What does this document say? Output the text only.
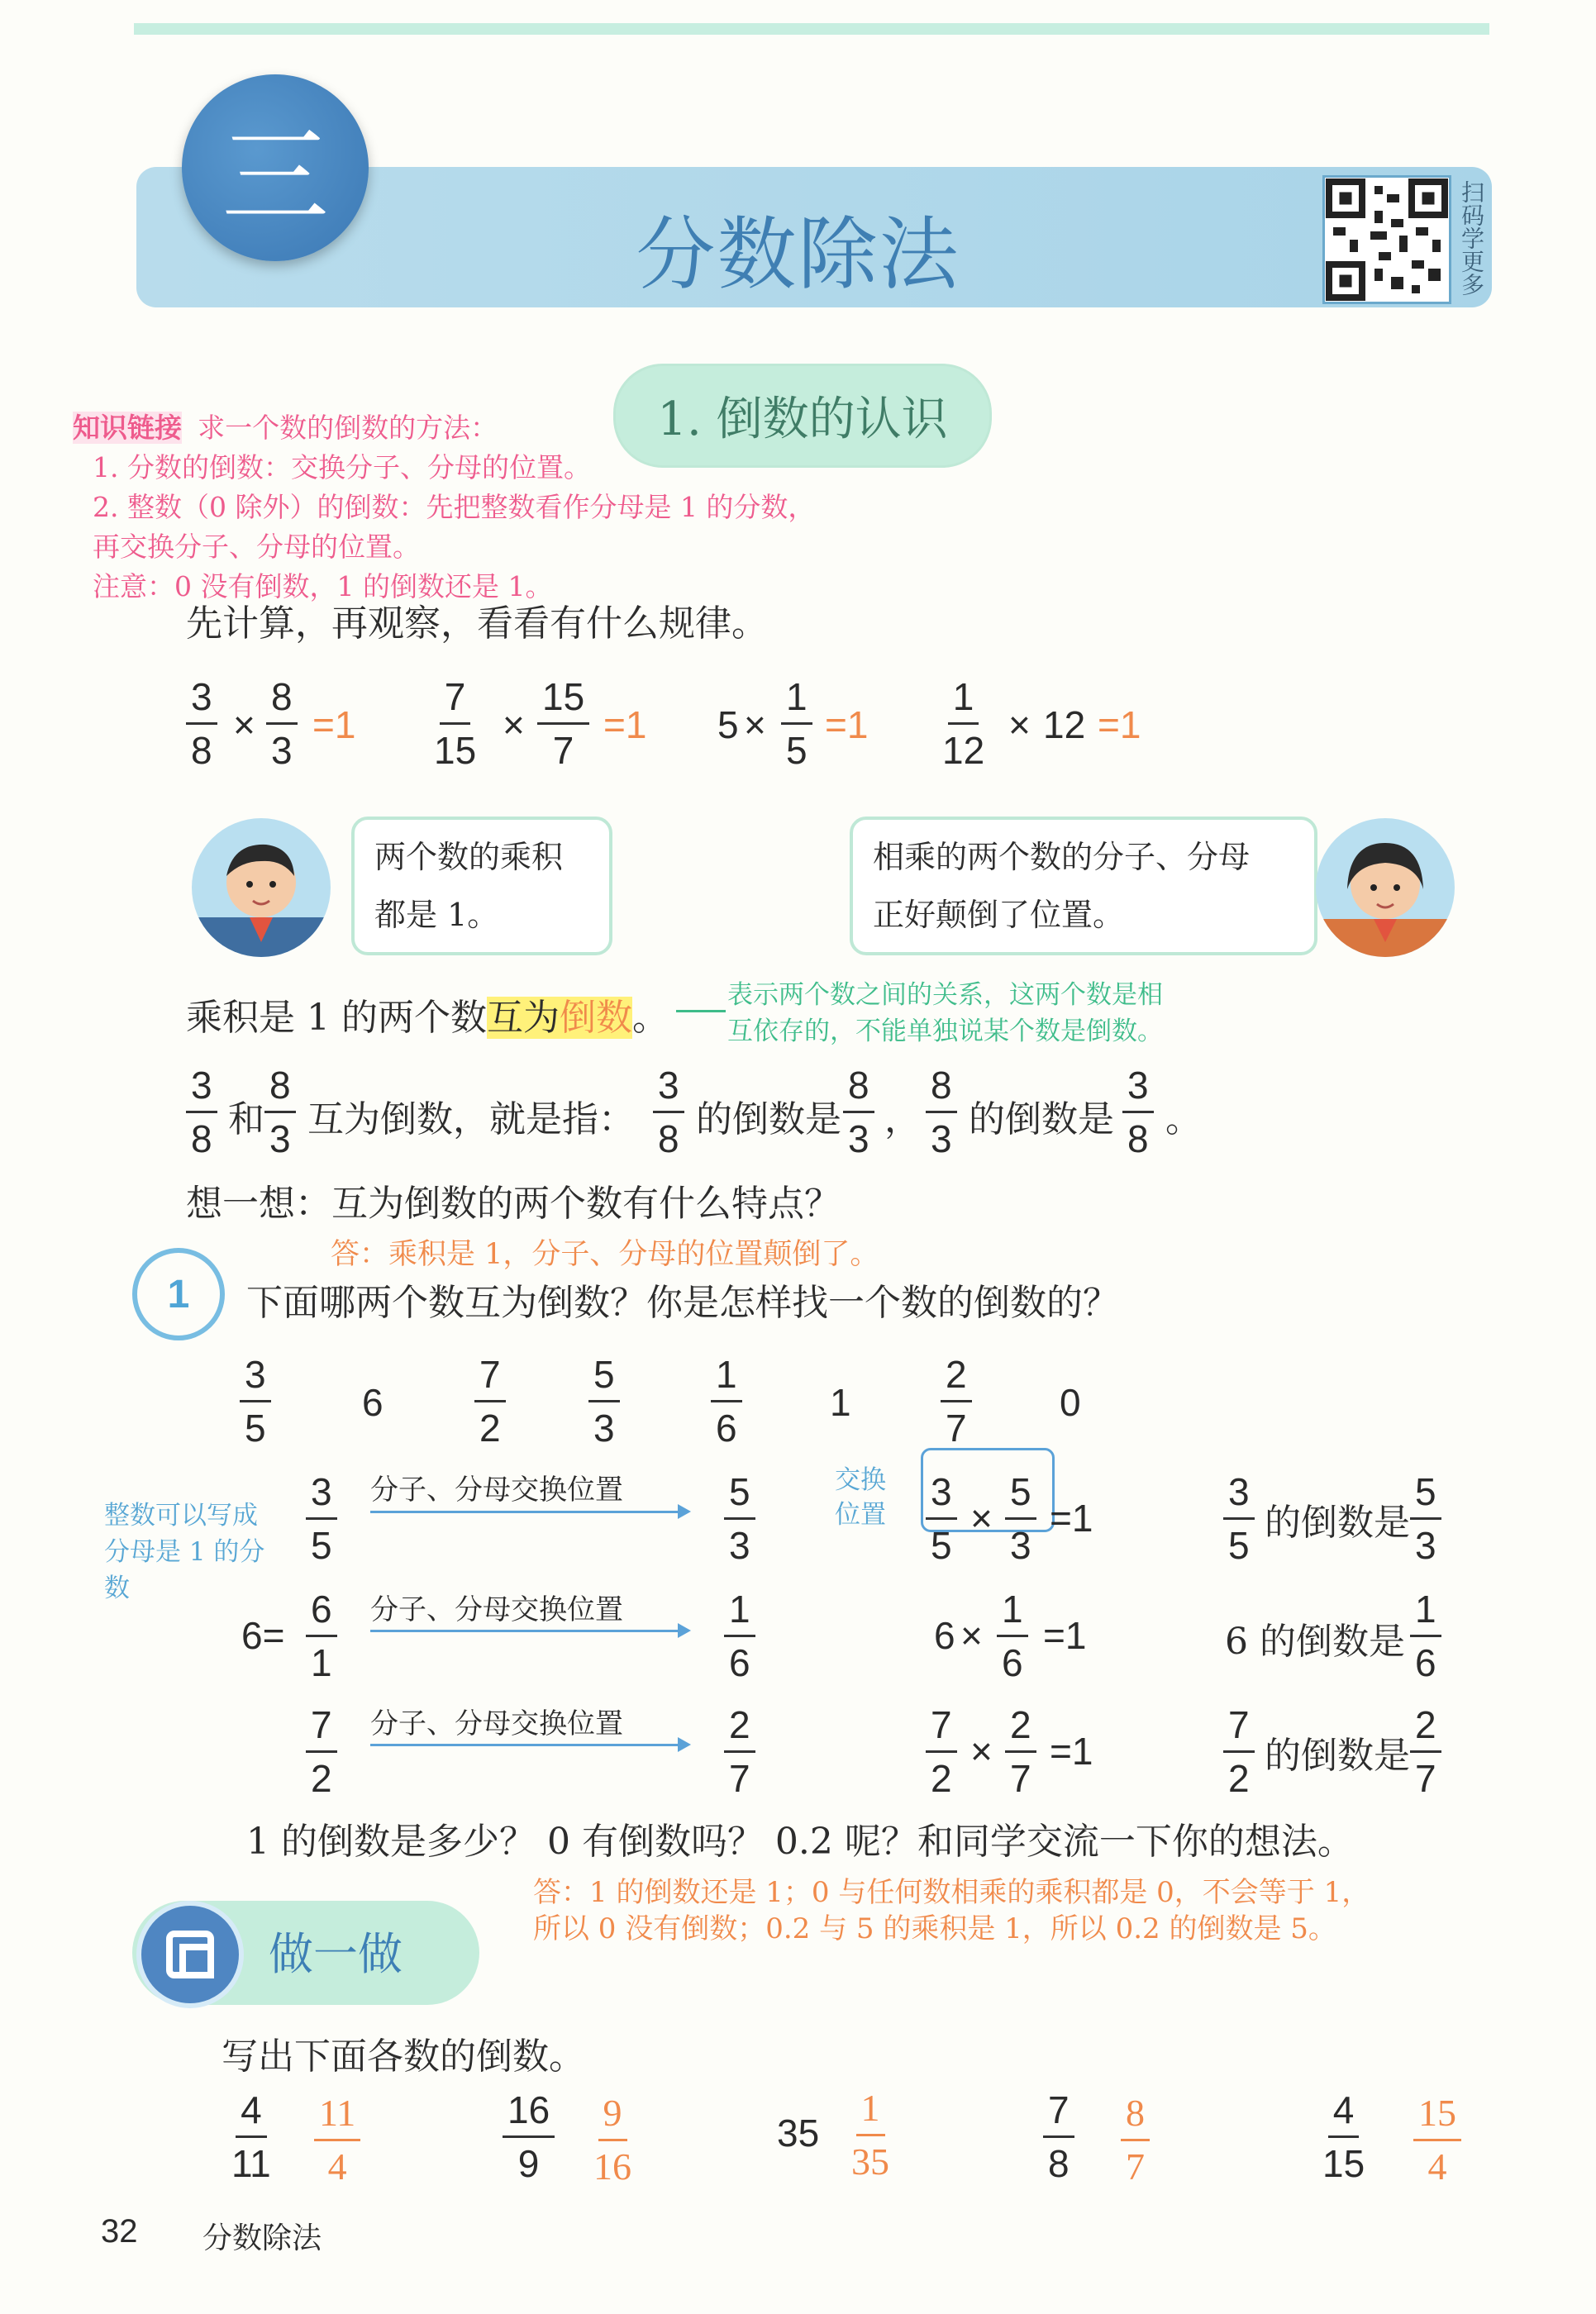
三
分数除法	扫码学更多
1. 倒数的认识
知识链接 求一个数的倒数的方法：
1. 分数的倒数：交换分子、分母的位置。
2. 整数（0 除外）的倒数：先把整数看作分母是 1 的分数，
再交换分子、分母的位置。
注意：0 没有倒数，1 的倒数还是 1。
先计算，再观察，看看有什么规律。
$\frac{3}{8} \times \frac{8}{3} =1 \frac{7}{15} \times \frac{15}{7} =1$ $5 \times \frac{1}{5} =1 \frac{1}{12} \times 12 =1$
两个数的乘积
都是 1。
相乘的两个数的分子、分母
正好颠倒了位置。
乘积是 1 的两个数互为倒数。
表示两个数之间的关系，这两个数是相
互依存的，不能单独说某个数是倒数。
$\frac{3}{8}$ 和 $\frac{8}{3}$ 互为倒数，就是指： $\frac{3}{8}$ 的倒数是 $\frac{8}{3}$ ， $\frac{8}{3}$ 的倒数是 $\frac{3}{8}$ 。
想一想：互为倒数的两个数有什么特点？
答：乘积是 1，分子、分母的位置颠倒了。
1	下面哪两个数互为倒数？你是怎样找一个数的倒数的？
$\frac{3}{5} 6 \frac{7}{2} \frac{5}{3} \frac{1}{6} 1 \frac{2}{7} 0$
整数可以写成分母是 1 的分数
交换位置
$\frac{3}{5}$ 分子、分母交换位置	$\frac{5}{3}$	$\frac{3}{5} \times \frac{5}{3} =1$	$\frac{3}{5}$ 的倒数是 $\frac{5}{3}$
$6= \frac{6}{1}$ 分子、分母交换位置	$\frac{1}{6}$	$6 \times \frac{1}{6} =1$	6 的倒数是 $\frac{1}{6}$
$\frac{7}{2}$ 分子、分母交换位置	$\frac{2}{7}$	$\frac{7}{2} \times \frac{2}{7} =1$	$\frac{7}{2}$ 的倒数是 $\frac{2}{7}$
1 的倒数是多少？ 0 有倒数吗？ 0.2 呢？和同学交流一下你的想法。
答：1 的倒数还是 1；0 与任何数相乘的乘积都是 0，不会等于 1，
所以 0 没有倒数；0.2 与 5 的乘积是 1，所以 0.2 的倒数是 5。
做一做
写出下面各数的倒数。
$\frac{4}{11} \frac{11}{4}$	$\frac{16}{9} \frac{9}{16}$	$35 \frac{1}{35}$	$\frac{7}{8} \frac{8}{7}$	$\frac{4}{15} \frac{15}{4}$
32 分数除法
